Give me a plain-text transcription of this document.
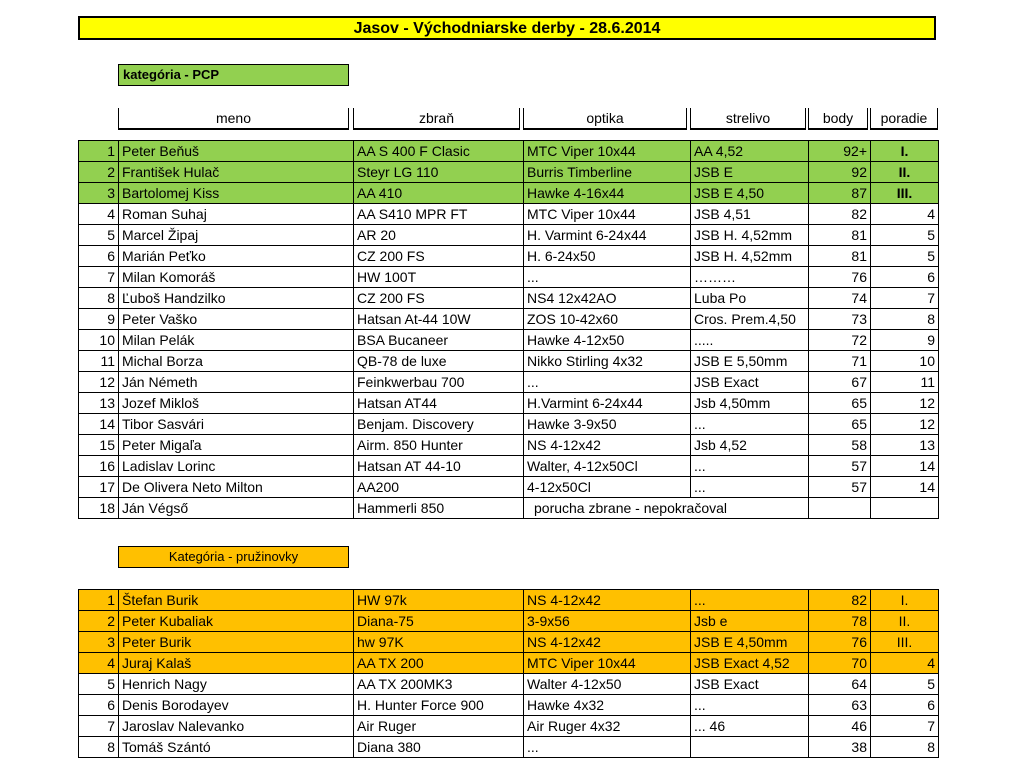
Jasov - Východniarske derby - 28.6.2014
kategória - PCP
meno	zbraň	optika	strelivo	body	poradie
1	Peter Beňuš	AA S 400 F Clasic	MTC Viper 10x44	AA 4,52	92+	I.
2	František Hulač	Steyr LG 110	Burris Timberline	JSB E	92	II.
3	Bartolomej Kiss	AA 410	Hawke 4-16x44	JSB E 4,50	87	III.
4	Roman Suhaj	AA S410 MPR FT	MTC Viper 10x44	JSB 4,51	82	4
5	Marcel Žipaj	AR 20	H. Varmint 6-24x44	JSB H. 4,52mm	81	5
6	Marián Peťko	CZ 200 FS	H. 6-24x50	JSB H. 4,52mm	81	5
7	Milan Komoráš	HW 100T	...	………	76	6
8	Ľuboš Handzilko	CZ 200 FS	NS4 12x42AO	Luba Po	74	7
9	Peter Vaško	Hatsan At-44 10W	ZOS 10-42x60	Cros. Prem.4,50	73	8
10	Milan Pelák	BSA Bucaneer	Hawke 4-12x50	.....	72	9
11	Michal Borza	QB-78 de luxe	Nikko Stirling 4x32	JSB E 5,50mm	71	10
12	Ján Németh	Feinkwerbau 700	...	JSB Exact	67	11
13	Jozef Mikloš	Hatsan AT44	H.Varmint 6-24x44	Jsb 4,50mm	65	12
14	Tibor Sasvári	Benjam. Discovery	Hawke 3-9x50	...	65	12
15	Peter Migaľa	Airm. 850 Hunter	NS 4-12x42	Jsb 4,52	58	13
16	Ladislav Lorinc	Hatsan AT 44-10	Walter, 4-12x50Cl	...	57	14
17	De Olivera Neto Milton	AA200	4-12x50Cl	...	57	14
18	Ján Végső	Hammerli 850	porucha zbrane - nepokračoval			
Kategória - pružinovky
1	Štefan Burik	HW 97k	NS 4-12x42	...	82	I.
2	Peter Kubaliak	Diana-75	3-9x56	Jsb e	78	II.
3	Peter Burik	hw 97K	NS 4-12x42	JSB E 4,50mm	76	III.
4	Juraj Kalaš	AA TX 200	MTC Viper 10x44	JSB Exact 4,52	70	4
5	Henrich Nagy	AA TX 200MK3	Walter 4-12x50	JSB Exact	64	5
6	Denis Borodayev	H. Hunter Force 900	Hawke 4x32	...	63	6
7	Jaroslav Nalevanko	Air Ruger	Air Ruger 4x32	... 46	46	7
8	Tomáš Szántó	Diana 380	...		38	8
